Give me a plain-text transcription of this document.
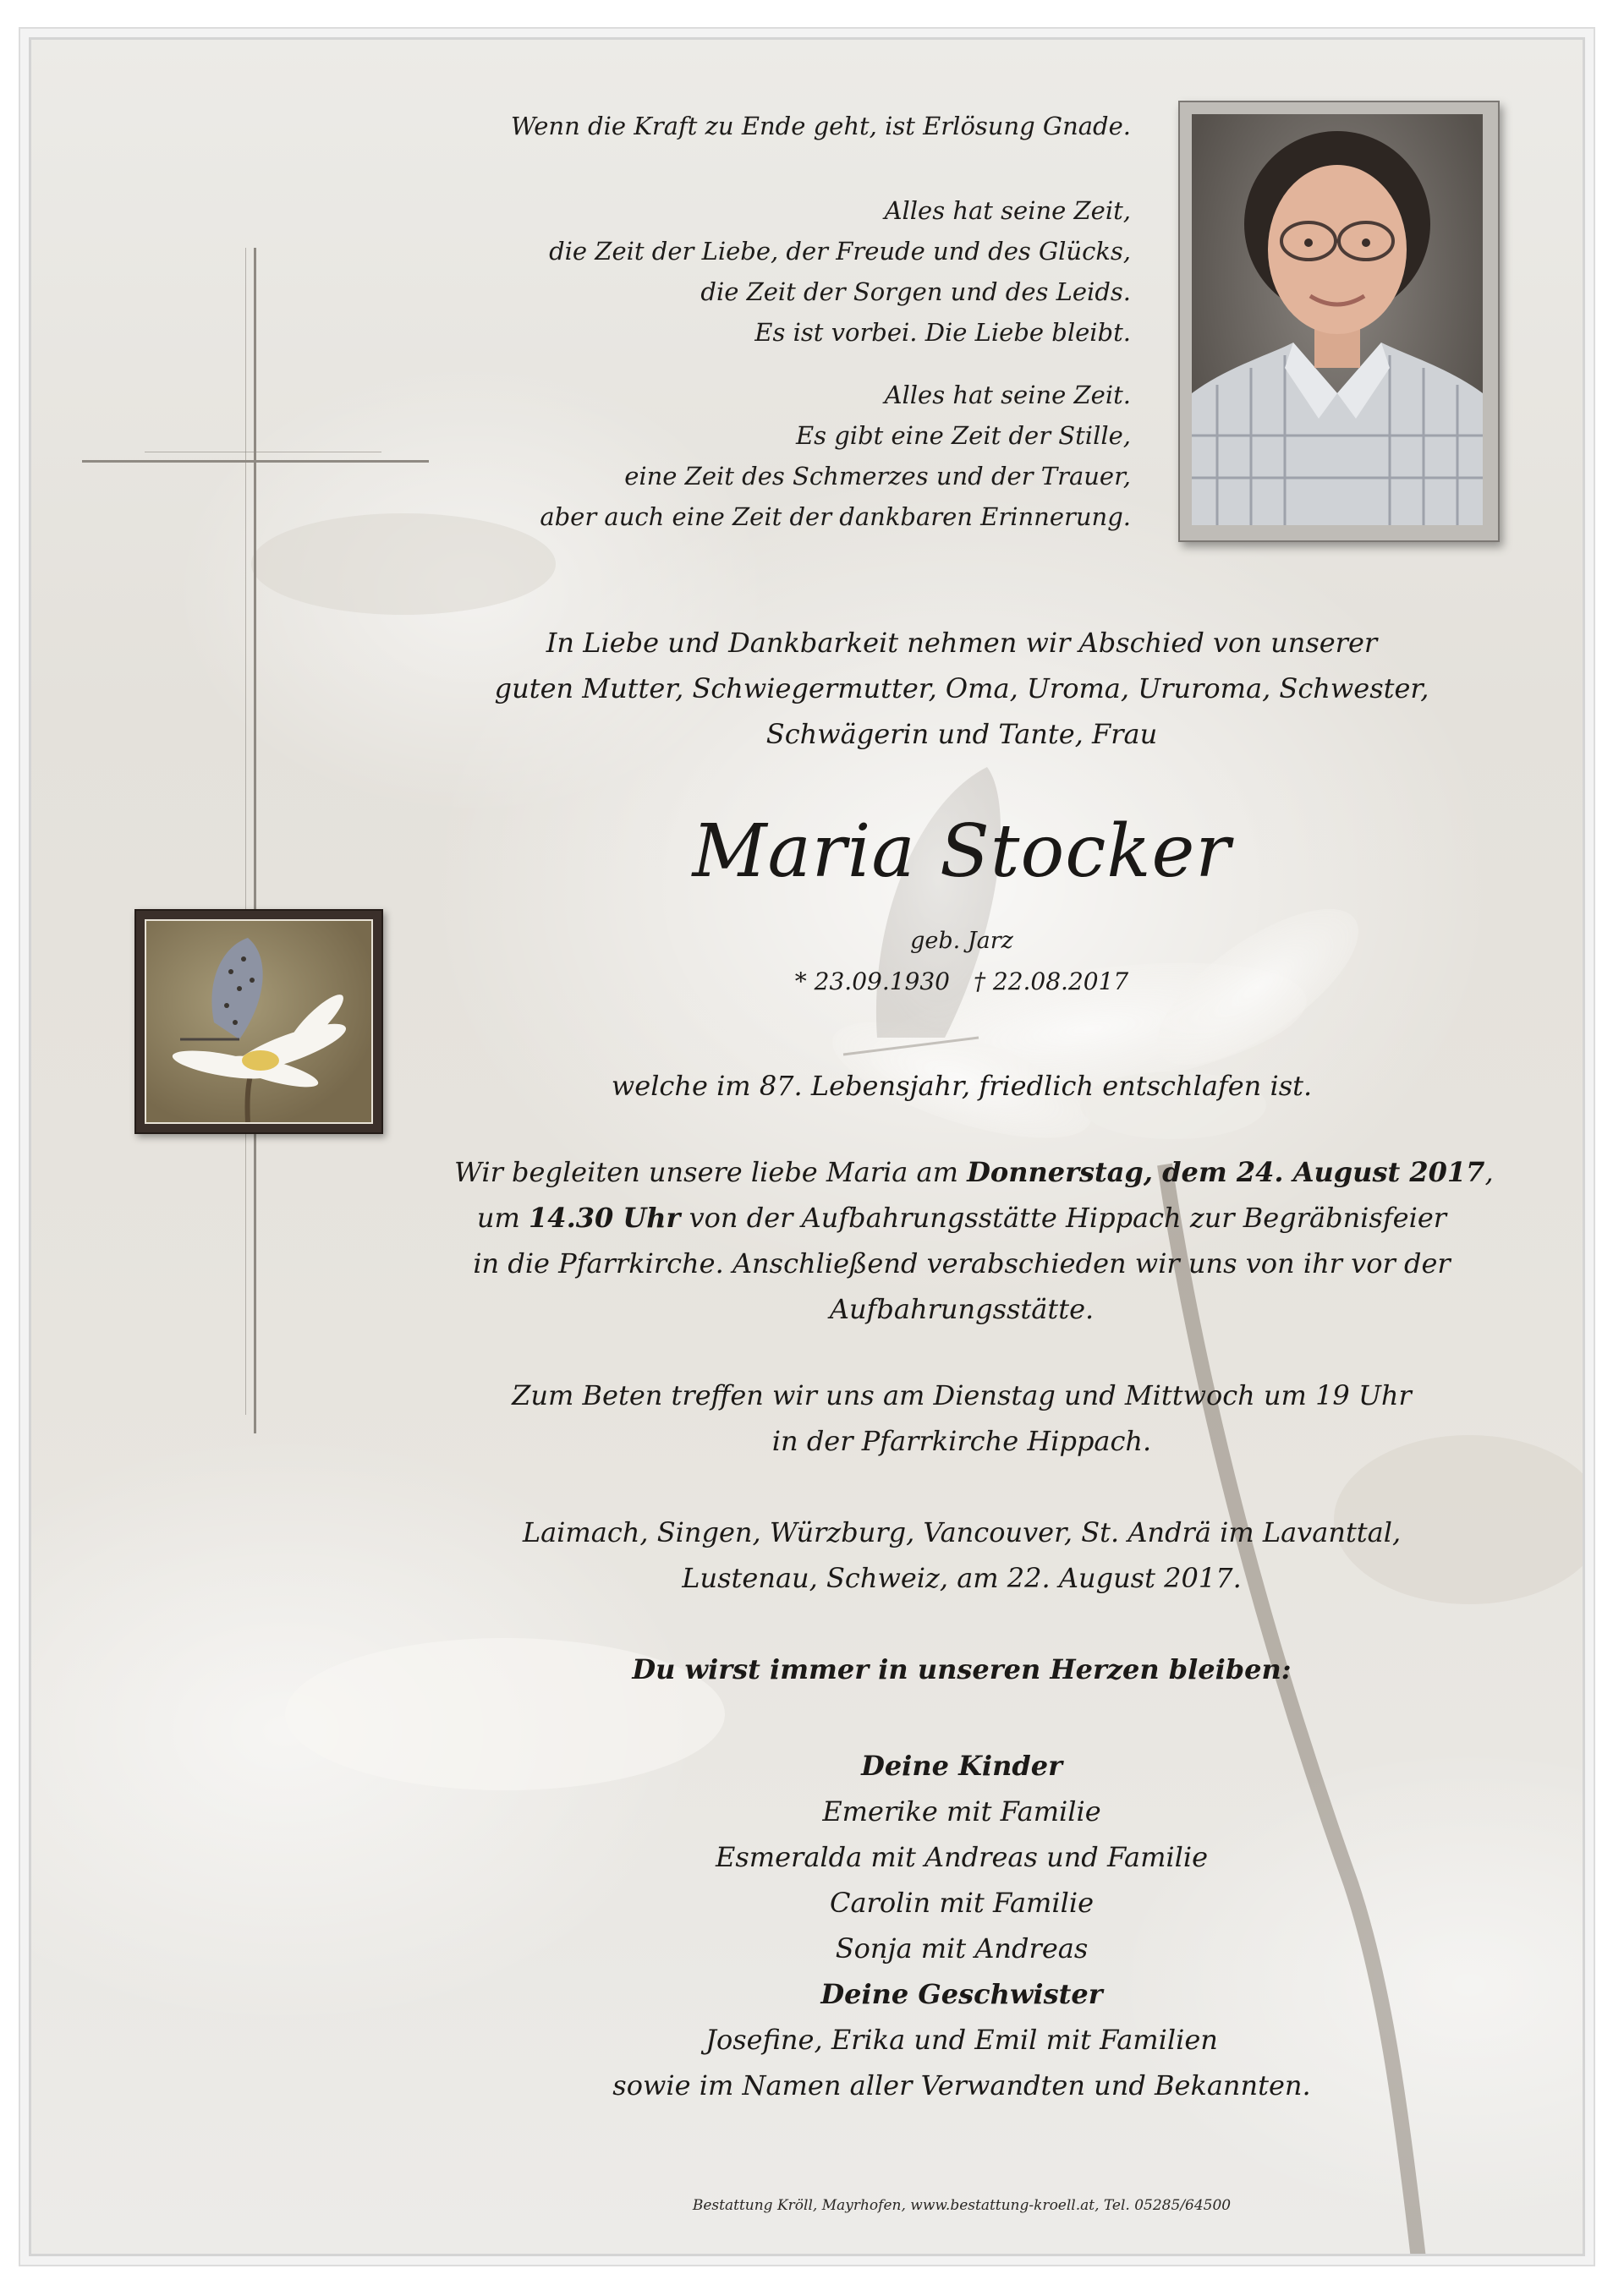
Wenn die Kraft zu Ende geht, ist Erlösung Gnade.
Alles hat seine Zeit,
die Zeit der Liebe, der Freude und des Glücks,
die Zeit der Sorgen und des Leids.
Es ist vorbei. Die Liebe bleibt.
Alles hat seine Zeit.
Es gibt eine Zeit der Stille,
eine Zeit des Schmerzes und der Trauer,
aber auch eine Zeit der dankbaren Erinnerung.
In Liebe und Dankbarkeit nehmen wir Abschied von unserer
guten Mutter, Schwiegermutter, Oma, Uroma, Ururoma, Schwester,
Schwägerin und Tante, Frau
Maria Stocker
geb. Jarz
* 23.09.1930 † 22.08.2017
welche im 87. Lebensjahr, friedlich entschlafen ist.
Wir begleiten unsere liebe Maria am Donnerstag, dem 24. August 2017,
um 14.30 Uhr von der Aufbahrungsstätte Hippach zur Begräbnisfeier
in die Pfarrkirche. Anschließend verabschieden wir uns von ihr vor der
Aufbahrungsstätte.
Zum Beten treffen wir uns am Dienstag und Mittwoch um 19 Uhr
in der Pfarrkirche Hippach.
Laimach, Singen, Würzburg, Vancouver, St. Andrä im Lavanttal,
Lustenau, Schweiz, am 22. August 2017.
Du wirst immer in unseren Herzen bleiben:
Deine Kinder
Emerike mit Familie
Esmeralda mit Andreas und Familie
Carolin mit Familie
Sonja mit Andreas
Deine Geschwister
Josefine, Erika und Emil mit Familien
sowie im Namen aller Verwandten und Bekannten.
Bestattung Kröll, Mayrhofen, www.bestattung-kroell.at, Tel. 05285/64500
